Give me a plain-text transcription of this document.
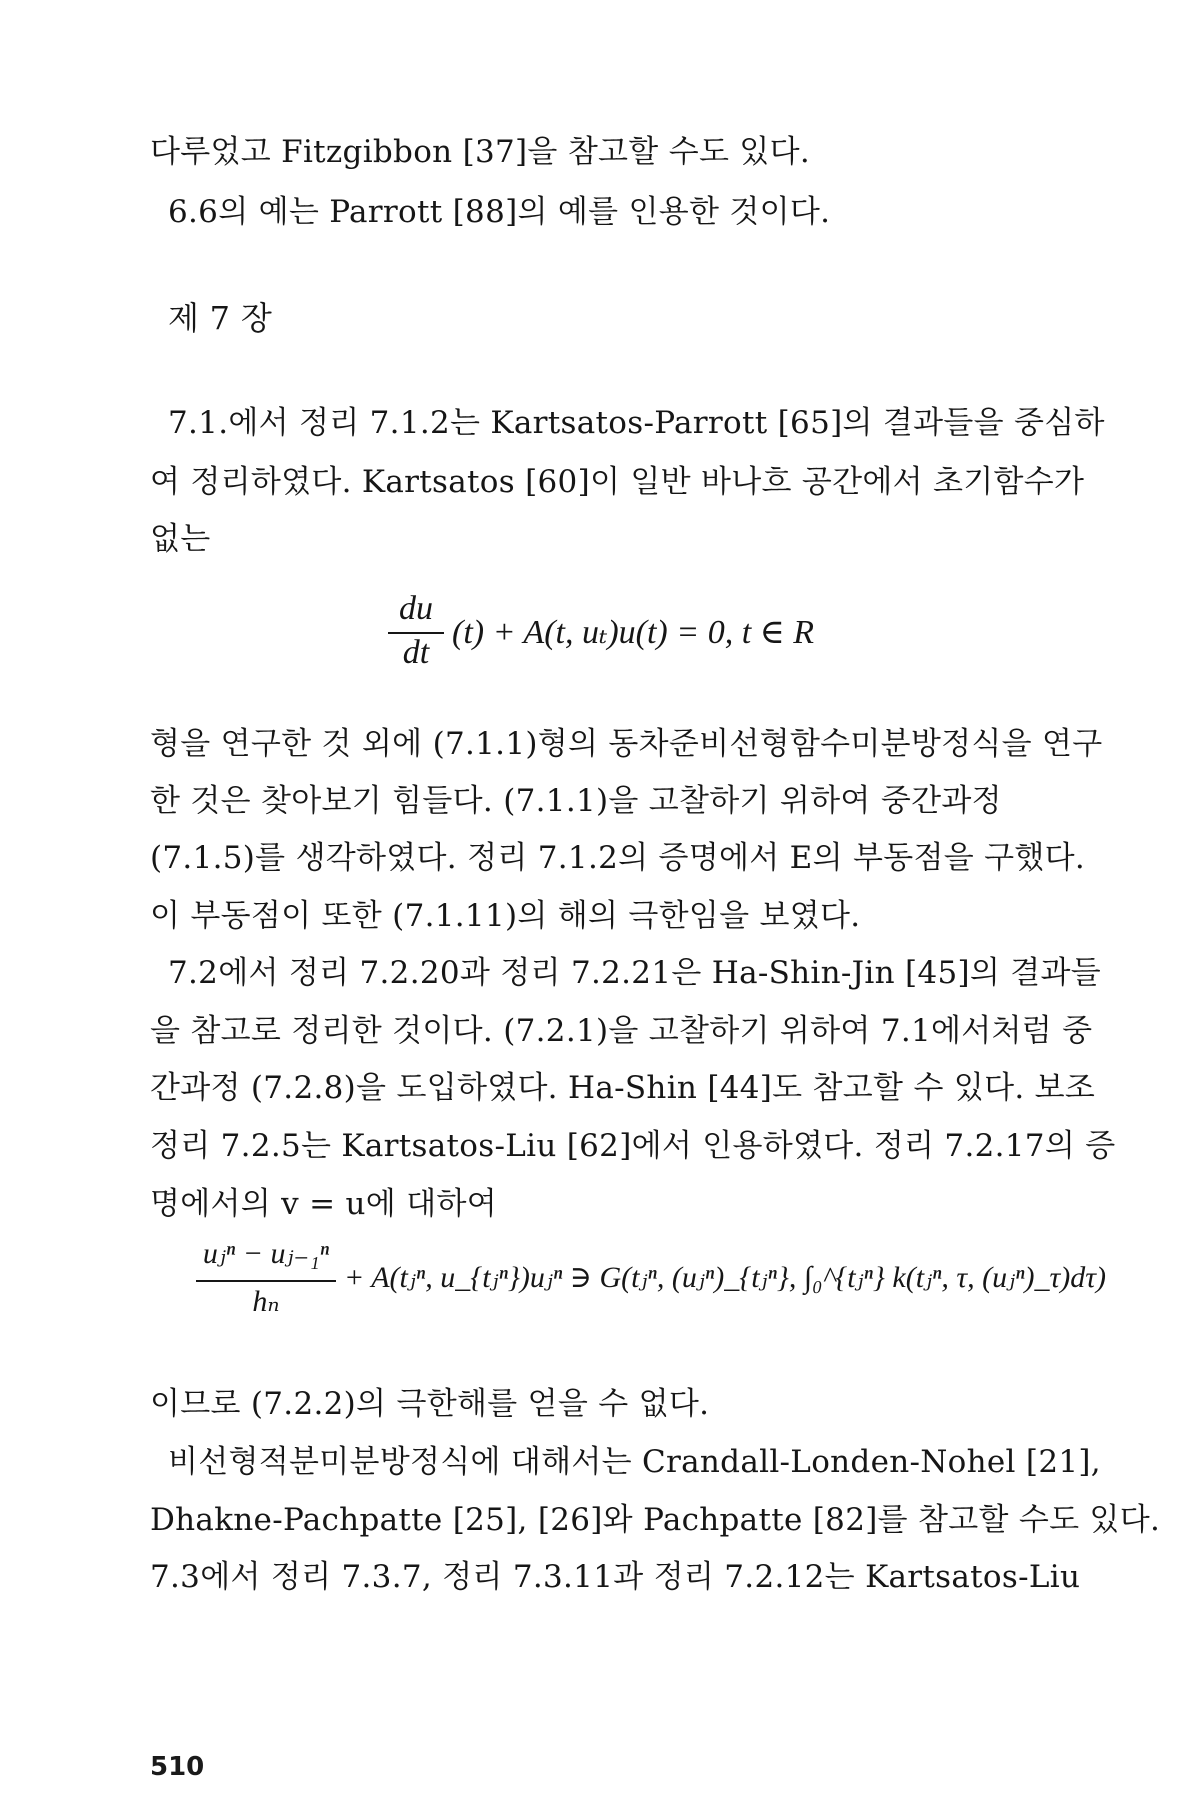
다루었고 Fitzgibbon [37]을 참고할 수도 있다.
6.6의 예는 Parrott [88]의 예를 인용한 것이다.
제 7 장
7.1.에서 정리 7.1.2는 Kartsatos-Parrott [65]의 결과들을 중심하
여 정리하였다. Kartsatos [60]이 일반 바나흐 공간에서 초기함수가
없는
du
dt
(t) + A(t, uₜ)u(t) = 0, t ∈ R
형을 연구한 것 외에 (7.1.1)형의 동차준비선형함수미분방정식을 연구
한 것은 찾아보기 힘들다. (7.1.1)을 고찰하기 위하여 중간과정
(7.1.5)를 생각하였다. 정리 7.1.2의 증명에서 E의 부동점을 구했다.
이 부동점이 또한 (7.1.11)의 해의 극한임을 보였다.
7.2에서 정리 7.2.20과 정리 7.2.21은 Ha-Shin-Jin [45]의 결과들
을 참고로 정리한 것이다. (7.2.1)을 고찰하기 위하여 7.1에서처럼 중
간과정 (7.2.8)을 도입하였다. Ha-Shin [44]도 참고할 수 있다. 보조
정리 7.2.5는 Kartsatos-Liu [62]에서 인용하였다. 정리 7.2.17의 증
명에서의 v = u에 대하여
uⱼⁿ − uⱼ₋₁ⁿ
hₙ
+ A(tⱼⁿ, u_{tⱼⁿ})uⱼⁿ ∋ G(tⱼⁿ, (uⱼⁿ)_{tⱼⁿ}, ∫₀^{tⱼⁿ} k(tⱼⁿ, τ, (uⱼⁿ)_τ)dτ)
이므로 (7.2.2)의 극한해를 얻을 수 없다.
비선형적분미분방정식에 대해서는 Crandall-Londen-Nohel [21],
Dhakne-Pachpatte [25], [26]와 Pachpatte [82]를 참고할 수도 있다.
7.3에서 정리 7.3.7, 정리 7.3.11과 정리 7.2.12는 Kartsatos-Liu
510
